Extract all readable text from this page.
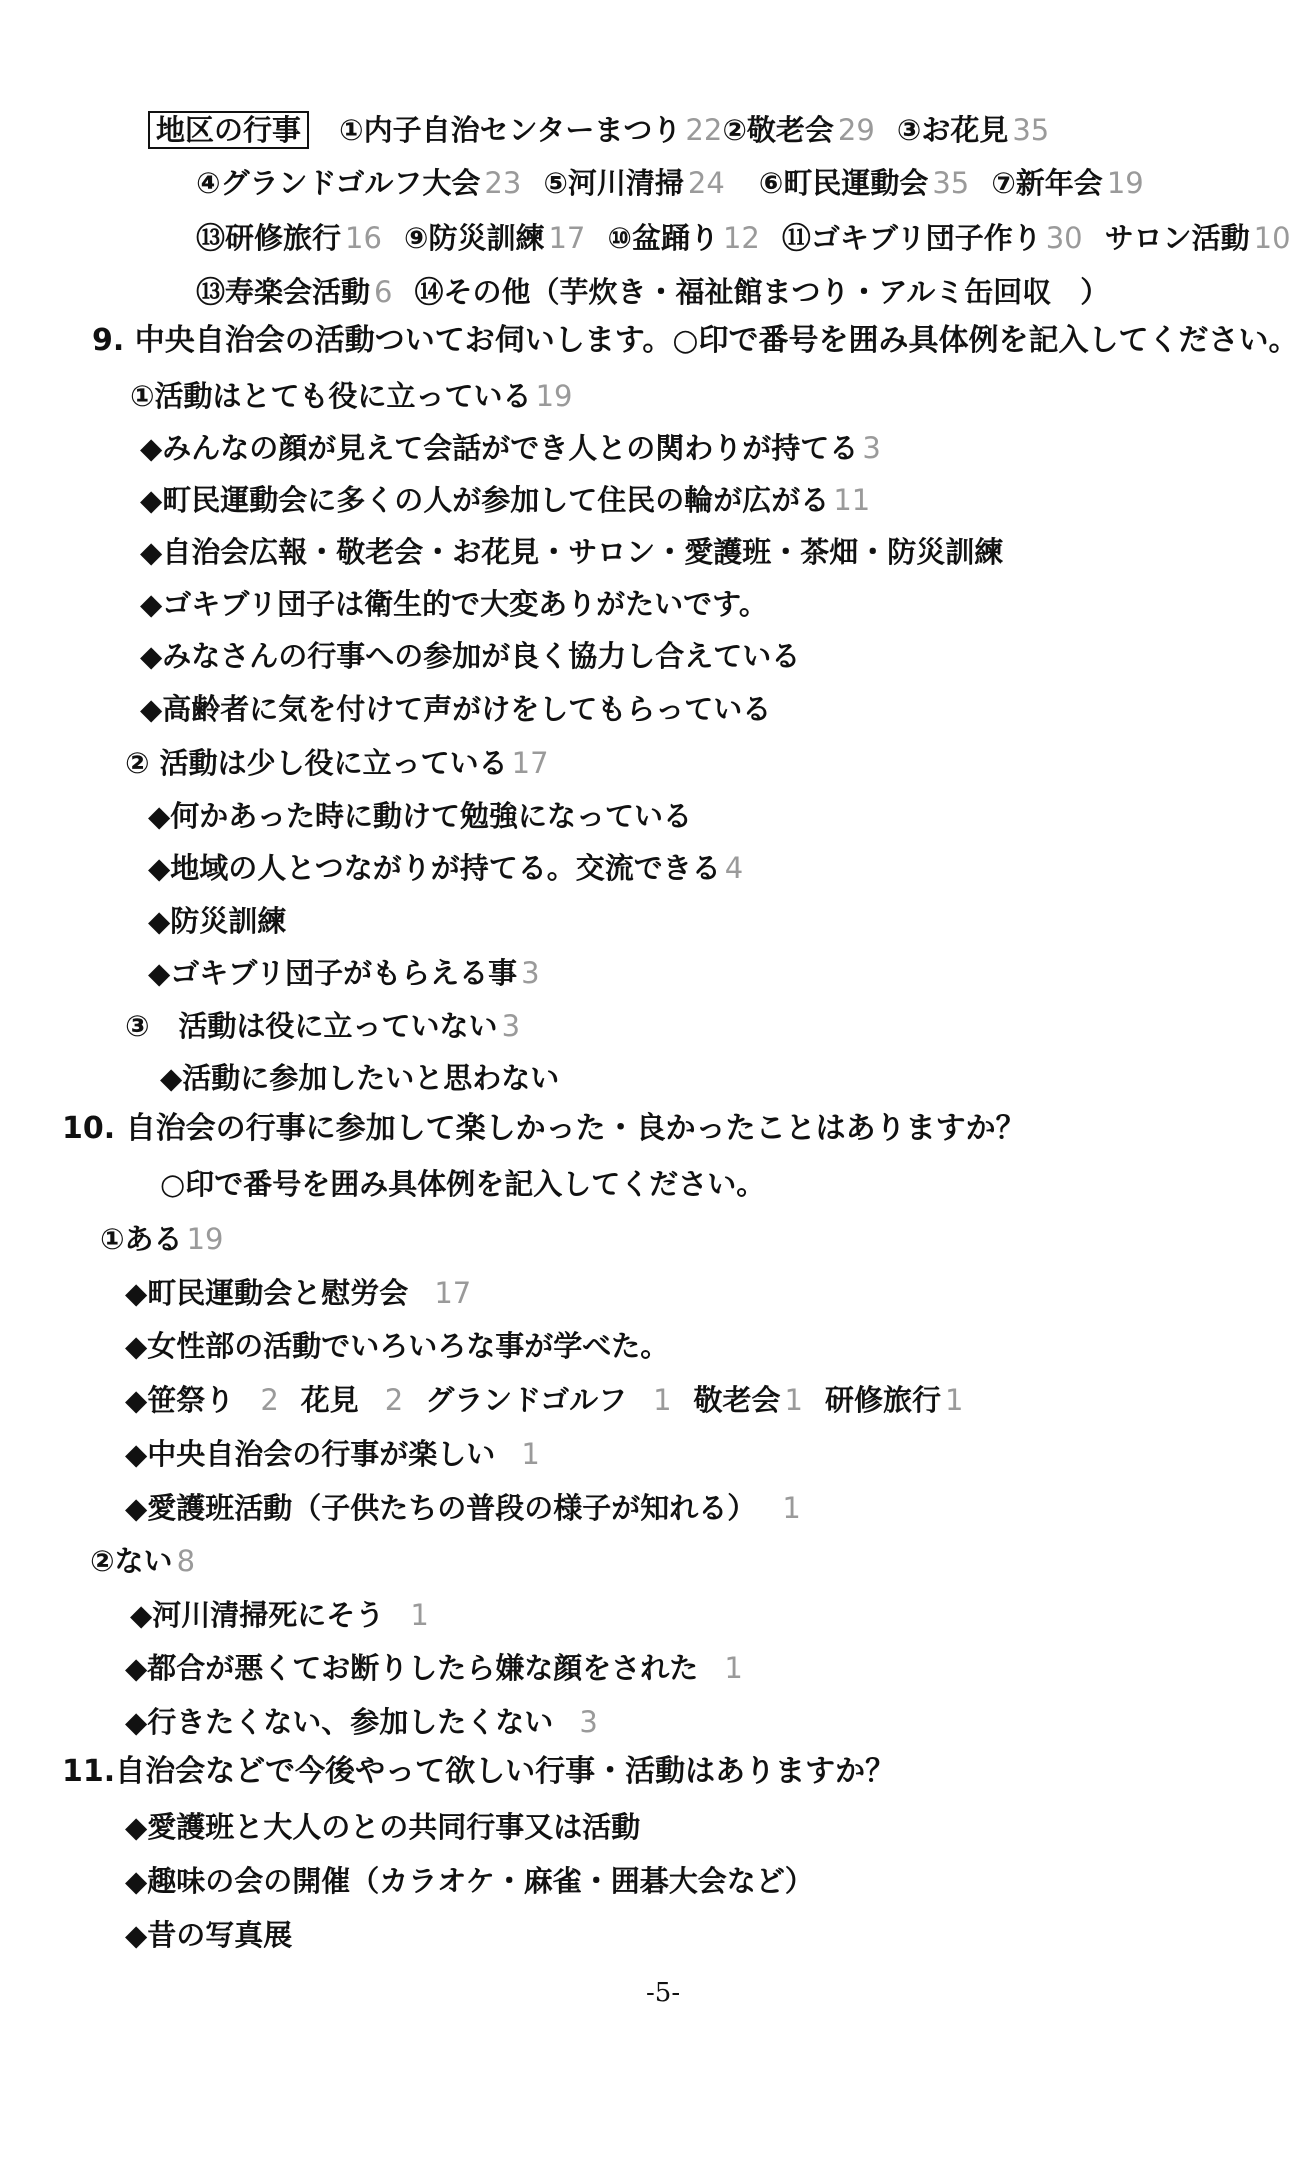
地区の行事 ①内子自治センターまつり 22②敬老会 29 ③お花見 35
④グランドゴルフ大会 23 ⑤河川清掃 24 ⑥町民運動会 35 ⑦新年会 19
⑬研修旅行 16 ⑨防災訓練 17 ⑩盆踊り 12 ⑪ゴキブリ団子作り 30 サロン活動 10
⑬寿楽会活動 6 ⑭その他（芋炊き・福祉館まつり・アルミ缶回収　）
9. 中央自治会の活動ついてお伺いします。○印で番号を囲み具体例を記入してください。
①活動はとても役に立っている 19
◆みんなの顔が見えて会話ができ人との関わりが持てる 3
◆町民運動会に多くの人が参加して住民の輪が広がる 11
◆自治会広報・敬老会・お花見・サロン・愛護班・茶畑・防災訓練
◆ゴキブリ団子は衛生的で大変ありがたいです。
◆みなさんの行事への参加が良く協力し合えている
◆高齢者に気を付けて声がけをしてもらっている
② 活動は少し役に立っている 17
◆何かあった時に動けて勉強になっている
◆地域の人とつながりが持てる。交流できる 4
◆防災訓練
◆ゴキブリ団子がもらえる事 3
③　活動は役に立っていない 3
◆活動に参加したいと思わない
10. 自治会の行事に参加して楽しかった・良かったことはありますか？
○印で番号を囲み具体例を記入してください。
①ある 19
◆町民運動会と慰労会 17
◆女性部の活動でいろいろな事が学べた。
◆笹祭り 2 花見 2 グランドゴルフ 1 敬老会 1 研修旅行 1
◆中央自治会の行事が楽しい 1
◆愛護班活動（子供たちの普段の様子が知れる） 1
②ない 8
◆河川清掃死にそう 1
◆都合が悪くてお断りしたら嫌な顔をされた 1
◆行きたくない、参加したくない 3
11.自治会などで今後やって欲しい行事・活動はありますか？
◆愛護班と大人のとの共同行事又は活動
◆趣味の会の開催（カラオケ・麻雀・囲碁大会など）
◆昔の写真展
-5-
